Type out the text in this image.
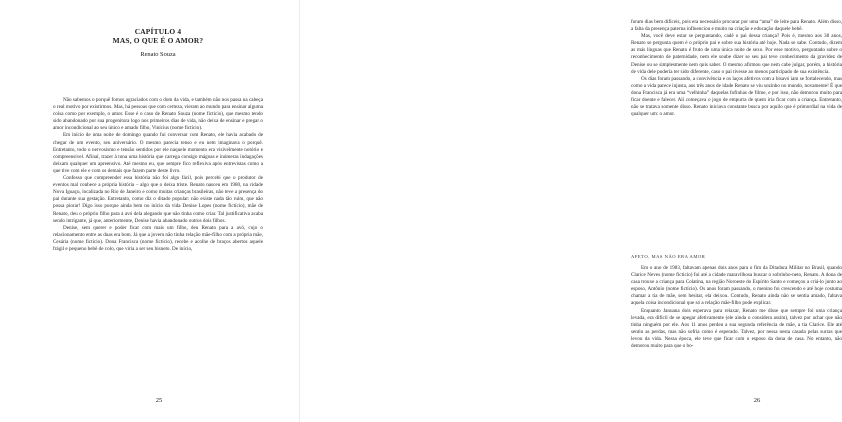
CAPÍTULO 4
MAS, O QUE É O AMOR?
Renato Souza

Não sabemos o porquê fomos agraciados com o dom da vida, e também não nos passa na cabeça o real motivo por existirmos. Mas, há pessoas que com certeza, vieram ao mundo para ensinar alguma coisa como por exemplo, o amor. Esse é o caso de Renato Souza (nome fictício), que mesmo tendo sido abandonado por sua progenitora logo nos primeiros dias de vida, não deixa de ensinar e pregar o amor incondicional ao seu único e amado filho, Vinícius (nome fictício).

Em início de uma noite de domingo quando fui conversar com Renato, ele havia acabado de chegar de um evento, seu aniversário. O mesmo parecia tenso e eu nem imaginava o porquê. Entretanto, todo o nervosismo e tensão sentidos por ele naquele momento era visivelmente notório e compreensível. Afinal, trazer à tona uma história que carrega consigo mágoas e inúmeras indagações deixam qualquer um apreensivo. Até mesmo eu, que sempre fico reflexiva após entrevistas como a que tive com ele e com os demais que fazem parte deste livro.

Confesso que compreender essa história não foi algo fácil, pois percebi que o produtor de eventos mal conhece a própria história – algo que o deixa triste. Renato nasceu em 1980, na cidade Nova Iguaçu, localizada no Rio de Janeiro e como muitas crianças brasileiras, não teve a presença do pai durante sua gestação. Entretanto, como diz o ditado popular: não existe nada tão ruim, que não possa piorar! Digo isso porque ainda bem no início da vida Denise Lopes (nome fictício), mãe de Renato, deu o próprio filho para a avó dela alegando que não tinha como criar. Tal justificativa acaba sendo intrigante, já que, anteriormente, Denise havia abandonado outros dois filhos.

Denise, sem querer e poder ficar com mais um filho, deu Renato para a avó, cujo o relacionamento entre as duas era bom. Já que a jovem não tinha relação mãe-filho com a própria mãe, Cesária (nome fictício). Dona Francisca (nome fictício), recebe e acolhe de braços abertos aquele frágil e pequeno bebê de colo, que viria a ser seu bisneto. De início,

25

foram dias bem difíceis, pois era necessário procurar por uma “ama” de leite para Renato. Além disso, a falta da presença paterna influenciou e muito na criação e educação daquele bebê.

Mas, você deve estar se perguntando, cadê o pai dessa criança? Pois é, mesmo aos 38 anos, Renato se pergunta quem é o próprio pai e sobre sua história até hoje. Nada se sabe. Contudo, dizem as más línguas que Renato é fruto de uma única noite de sexo. Por esse motivo, perguntado sobre o reconhecimento de paternidade, nem ele soube dizer se seu pai teve conhecimento da gravidez de Denise ou se simplesmente nem quis saber. O mesmo afirmou que nem cabe julgar, porém, a história de vida dele poderia ter sido diferente, caso o pai tivesse ao menos participado de sua existência.

Os dias foram passando, a convivência e os laços afetivos com a bisavó iam se fortalecendo, mas como a vida parece injusta, aos três anos de idade Renato se viu sozinho no mundo, novamente! É que dona Francisca já era uma “velhinha” daquelas fofinhas de filme, e por isso, não demorou muito para ficar doente e falecer. Ali começava o jogo de empurra de quem iria ficar com a criança. Entretanto, não se tratava somente disso. Renato iniciava constante busca por aquilo que é primordial na vida de qualquer um: o amor.

AFETO, MAS NÃO ERA AMOR

Em o ano de 1983, faltavam apenas dois anos para o fim da Ditadura Militar no Brasil, quando Clarice Neves (nome fictício) foi até a cidade maravilhosa buscar o sobrinho-neto, Renato. A dona de casa trouxe a criança para Colatina, na região Noroeste do Espírito Santo e começou a criá-lo junto ao esposo, Antônio (nome fictício). Os anos foram passando, o menino foi crescendo e até hoje costuma chamar a tia de mãe, sem hesitar, ela deixou. Contudo, Renato ainda não se sentia amado, faltava aquela coisa incondicional que só a relação mãe-filho pode explicar.

Enquanto Januana dois esperava para relaxar, Renato me disse que sempre foi uma criança levada, era difícil de se apegar afetivamente (ele ainda o considera assim), talvez por achar que não tinha ninguém por ele. Aos 11 anos perdeu a sua segunda referência de mãe, a tia Clarice. Ele até sentiu as perdas, mas não sofria como é esperado. Talvez, por nessa nesta casada pelas surras que levou da vida. Nessa época, ele teve que ficar com o esposo da dona de casa. No entanto, não demorou muito para que o bo-

26
